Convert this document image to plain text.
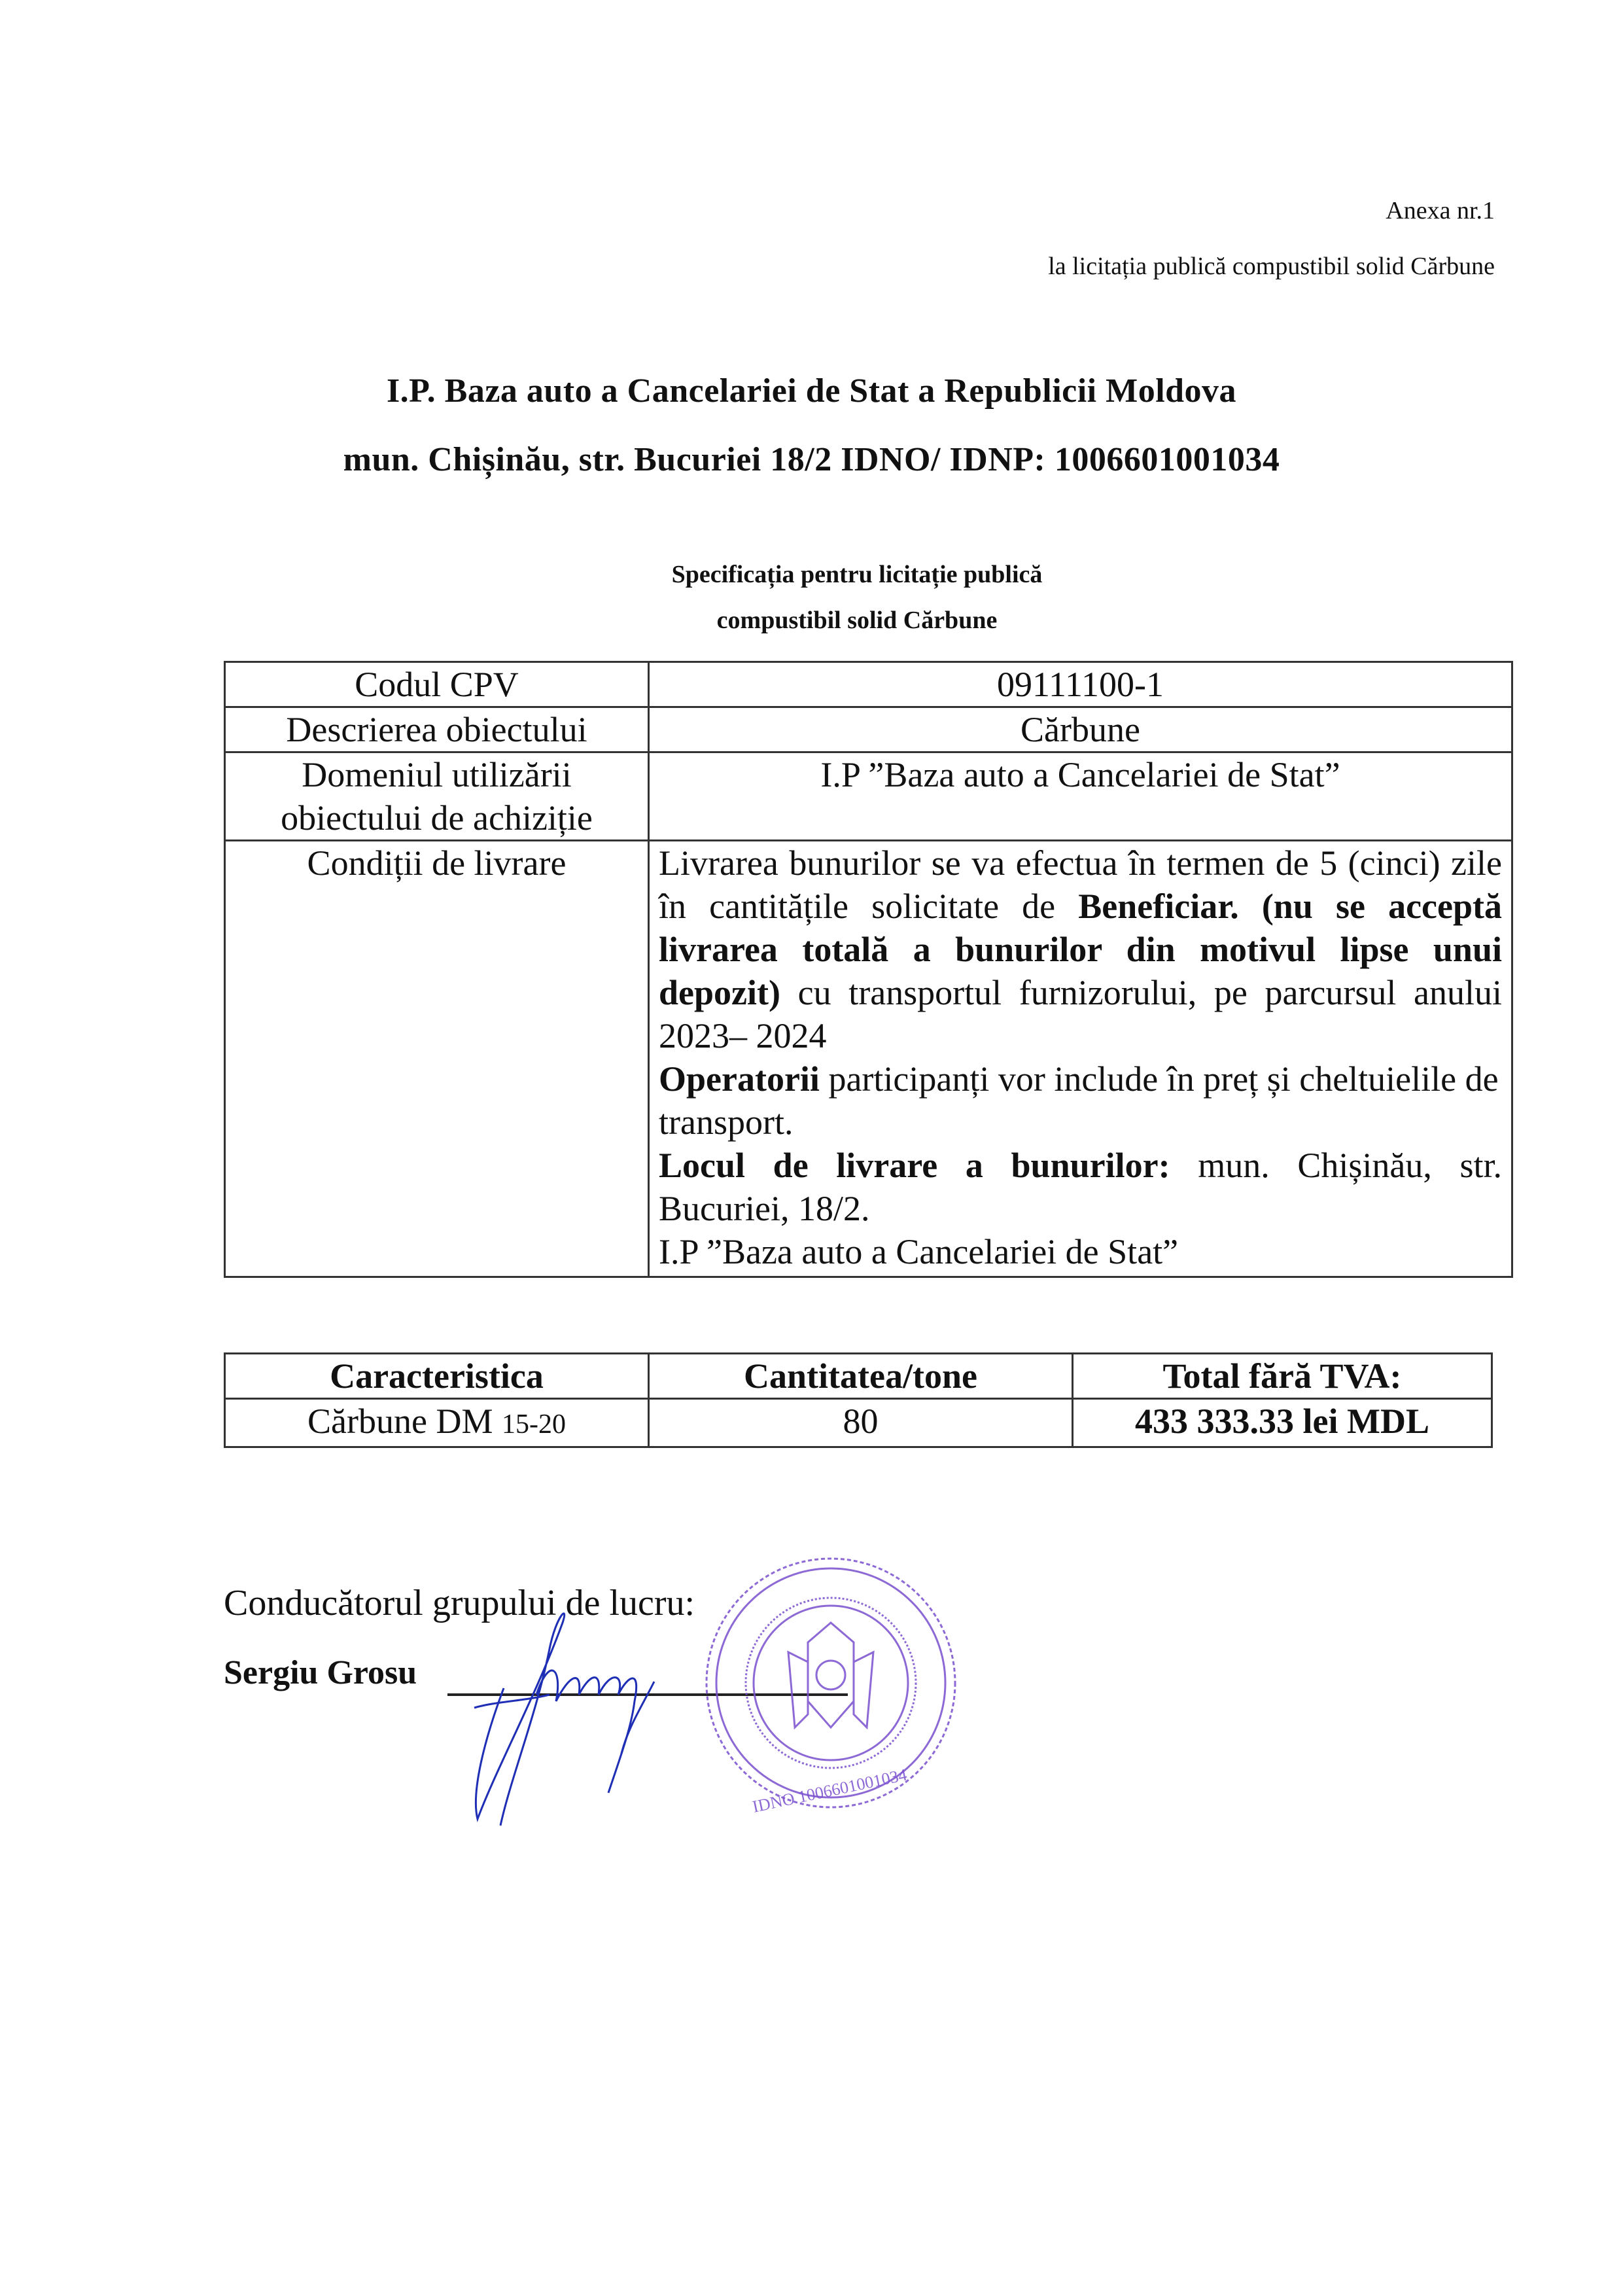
Anexa nr.1
la licitația publică compustibil solid Cărbune
I.P. Baza auto a Cancelariei de Stat a Republicii Moldova
mun. Chișinău, str. Bucuriei 18/2 IDNO/ IDNP: 1006601001034
Specificația pentru licitație publică
compustibil solid Cărbune
Codul CPV	09111100-1
Descrierea obiectului	Cărbune
Domeniul utilizării obiectului de achiziție	I.P ”Baza auto a Cancelariei de Stat”
Condiții de livrare	Livrarea bunurilor se va efectua în termen de 5 (cinci) zile în cantitățile solicitate de Beneficiar. (nu se acceptă livrarea totală a bunurilor din motivul lipse unui depozit) cu transportul furnizorului, pe parcursul anului 2023– 2024
Operatorii participanți vor include în preț și cheltuielile de transport.
Locul de livrare a bunurilor: mun. Chișinău, str. Bucuriei, 18/2.
I.P ”Baza auto a Cancelariei de Stat”
Caracteristica	Cantitatea/tone	Total fără TVA:
Cărbune DM 15-20	80	433 333.33 lei MDL
Conducătorul grupului de lucru:
Sergiu Grosu
IDNO 1006601001034
